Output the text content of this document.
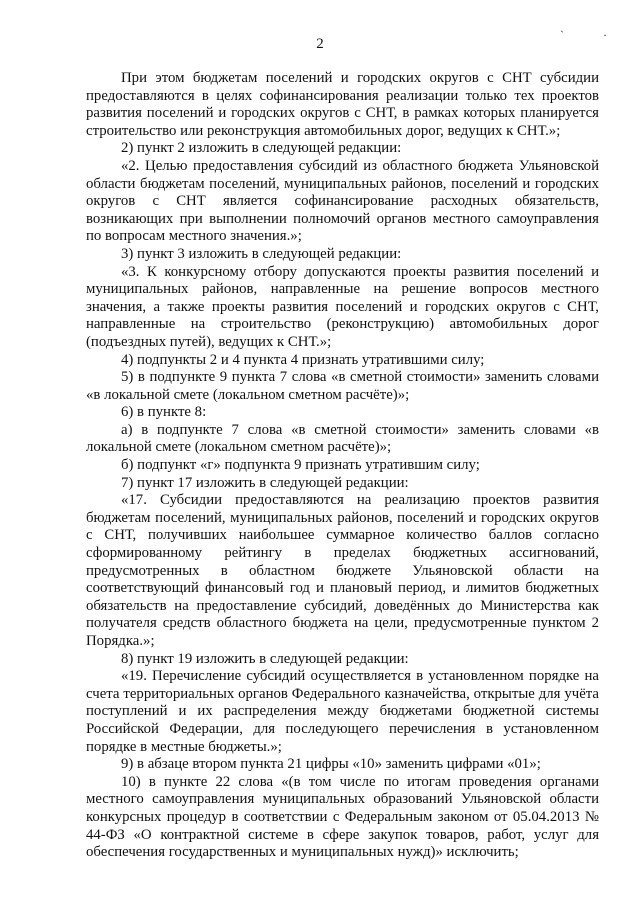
2
` ·

При этом бюджетам поселений и городских округов с СНТ субсидии предоставляются в целях софинансирования реализации только тех проектов развития поселений и городских округов с СНТ, в рамках которых планируется строительство или реконструкция автомобильных дорог, ведущих к СНТ.»;

2) пункт 2 изложить в следующей редакции:

«2. Целью предоставления субсидий из областного бюджета Ульяновской области бюджетам поселений, муниципальных районов, поселений и городских округов с СНТ является софинансирование расходных обязательств, возникающих при выполнении полномочий органов местного самоуправления по вопросам местного значения.»;

3) пункт 3 изложить в следующей редакции:

«3. К конкурсному отбору допускаются проекты развития поселений и муниципальных районов, направленные на решение вопросов местного значения, а также проекты развития поселений и городских округов с СНТ, направленные на строительство (реконструкцию) автомобильных дорог (подъездных путей), ведущих к СНТ.»;

4) подпункты 2 и 4 пункта 4 признать утратившими силу;

5) в подпункте 9 пункта 7 слова «в сметной стоимости» заменить словами «в локальной смете (локальном сметном расчёте)»;

6) в пункте 8:

а) в подпункте 7 слова «в сметной стоимости» заменить словами «в локальной смете (локальном сметном расчёте)»;

б) подпункт «г» подпункта 9 признать утратившим силу;

7) пункт 17 изложить в следующей редакции:

«17. Субсидии предоставляются на реализацию проектов развития бюджетам поселений, муниципальных районов, поселений и городских округов с СНТ, получивших наибольшее суммарное количество баллов согласно сформированному рейтингу в пределах бюджетных ассигнований, предусмотренных в областном бюджете Ульяновской области на соответствующий финансовый год и плановый период, и лимитов бюджетных обязательств на предоставление субсидий, доведённых до Министерства как получателя средств областного бюджета на цели, предусмотренные пунктом 2 Порядка.»;

8) пункт 19 изложить в следующей редакции:

«19. Перечисление субсидий осуществляется в установленном порядке на счета территориальных органов Федерального казначейства, открытые для учёта поступлений и их распределения между бюджетами бюджетной системы Российской Федерации, для последующего перечисления в установленном порядке в местные бюджеты.»;

9) в абзаце втором пункта 21 цифры «10» заменить цифрами «01»;

10) в пункте 22 слова «(в том числе по итогам проведения органами местного самоуправления муниципальных образований Ульяновской области конкурсных процедур в соответствии с Федеральным законом от 05.04.2013 № 44-ФЗ «О контрактной системе в сфере закупок товаров, работ, услуг для обеспечения государственных и муниципальных нужд)» исключить;
